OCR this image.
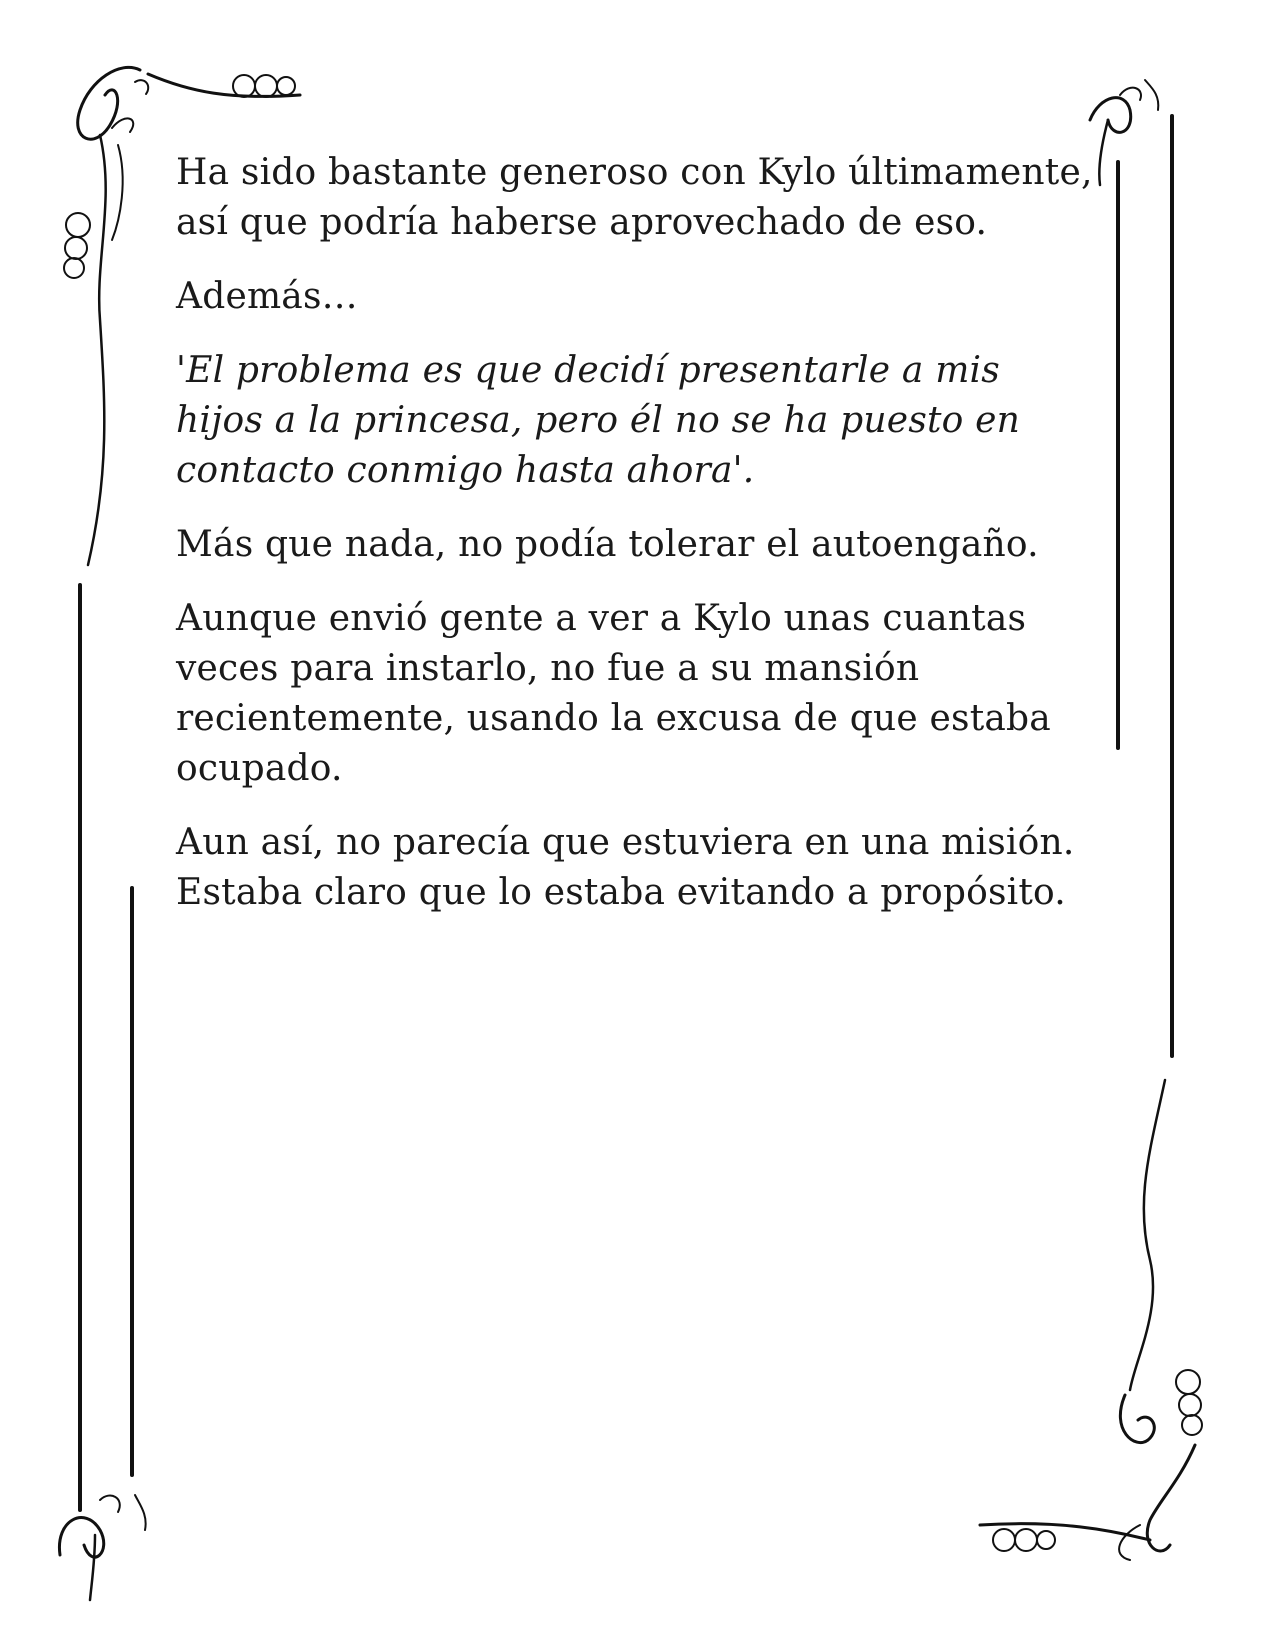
Ha sido bastante generoso con Kylo últimamente, así que podría haberse aprovechado de eso.

Además…

'El problema es que decidí presentarle a mis hijos a la princesa, pero él no se ha puesto en contacto conmigo hasta ahora'.

Más que nada, no podía tolerar el autoengaño.

Aunque envió gente a ver a Kylo unas cuantas veces para instarlo, no fue a su mansión recientemente, usando la excusa de que estaba ocupado.

Aun así, no parecía que estuviera en una misión. Estaba claro que lo estaba evitando a propósito.
